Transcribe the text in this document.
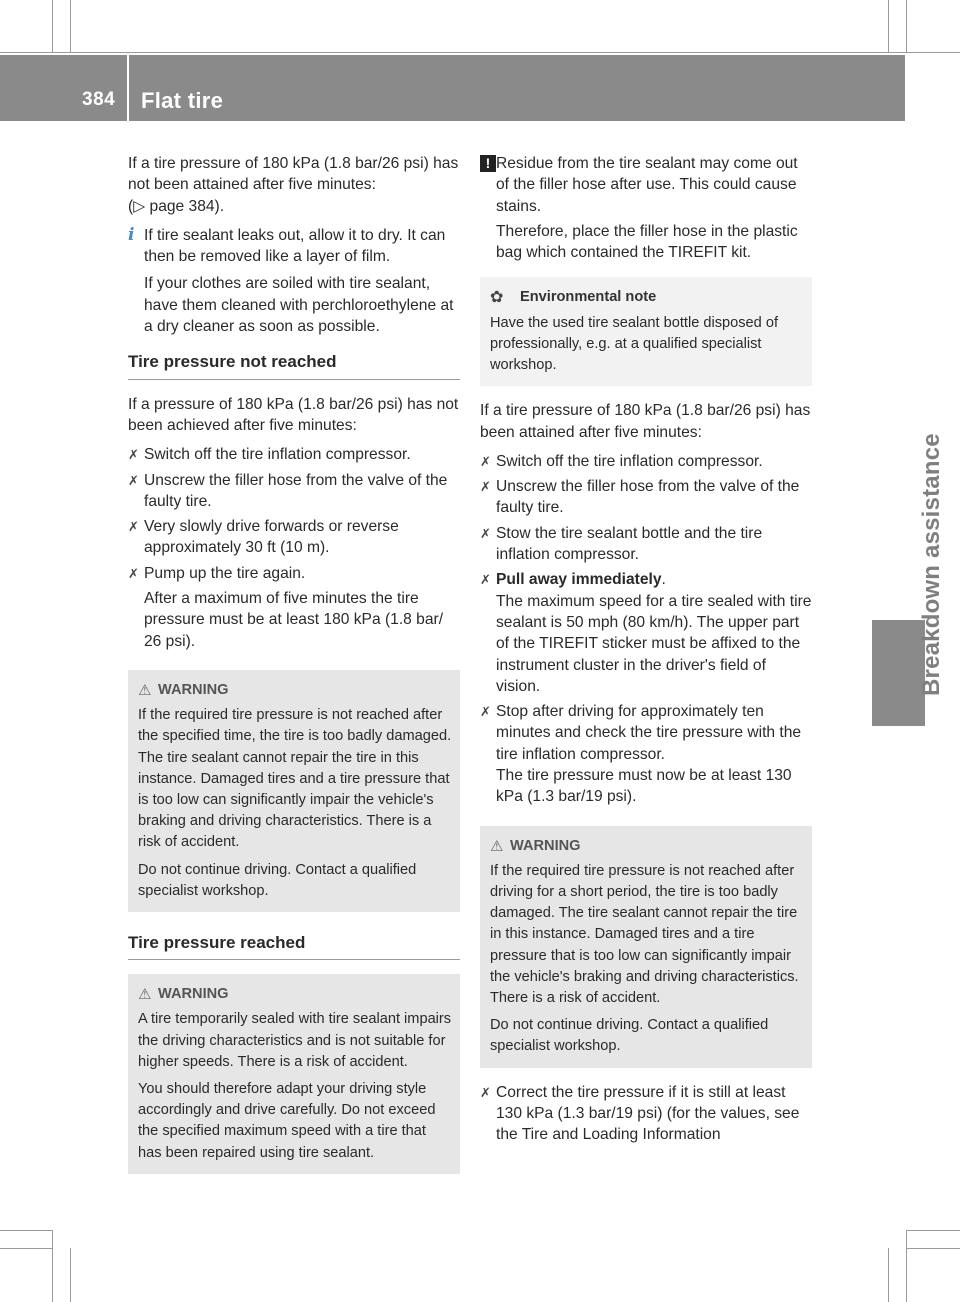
384 Flat tire
Breakdown assistance

If a tire pressure of 180 kPa (1.8 bar/26 psi) has not been attained after five minutes:
(▷ page 384).

i If tire sealant leaks out, allow it to dry. It can then be removed like a layer of film.

If your clothes are soiled with tire sealant, have them cleaned with perchloroethylene at a dry cleaner as soon as possible.

Tire pressure not reached

If a pressure of 180 kPa (1.8 bar/26 psi) has not been achieved after five minutes:

✗ Switch off the tire inflation compressor.
✗ Unscrew the filler hose from the valve of the faulty tire.
✗ Very slowly drive forwards or reverse approximately 30 ft (10 m).
✗ Pump up the tire again.

After a maximum of five minutes the tire pressure must be at least 180 kPa (1.8 bar/ 26 psi).

⚠ WARNING

If the required tire pressure is not reached after the specified time, the tire is too badly damaged. The tire sealant cannot repair the tire in this instance. Damaged tires and a tire pressure that is too low can significantly impair the vehicle's braking and driving characteristics. There is a risk of accident.

Do not continue driving. Contact a qualified specialist workshop.

Tire pressure reached
⚠ WARNING

A tire temporarily sealed with tire sealant impairs the driving characteristics and is not suitable for higher speeds. There is a risk of accident.

You should therefore adapt your driving style accordingly and drive carefully. Do not exceed the specified maximum speed with a tire that has been repaired using tire sealant.

! Residue from the tire sealant may come out of the filler hose after use. This could cause stains.

Therefore, place the filler hose in the plastic bag which contained the TIREFIT kit.

✿	Environmental note

Have the used tire sealant bottle disposed of professionally, e.g. at a qualified specialist workshop.

If a tire pressure of 180 kPa (1.8 bar/26 psi) has been attained after five minutes:

✗ Switch off the tire inflation compressor.
✗ Unscrew the filler hose from the valve of the faulty tire.
✗ Stow the tire sealant bottle and the tire inflation compressor.
✗ Pull away immediately.
The maximum speed for a tire sealed with tire sealant is 50 mph (80 km/h). The upper part of the TIREFIT sticker must be affixed to the instrument cluster in the driver's field of vision.
✗ Stop after driving for approximately ten minutes and check the tire pressure with the tire inflation compressor.
The tire pressure must now be at least 130 kPa (1.3 bar/19 psi).
⚠ WARNING

If the required tire pressure is not reached after driving for a short period, the tire is too badly damaged. The tire sealant cannot repair the tire in this instance. Damaged tires and a tire pressure that is too low can significantly impair the vehicle's braking and driving characteristics. There is a risk of accident.

Do not continue driving. Contact a qualified specialist workshop.

✗ Correct the tire pressure if it is still at least 130 kPa (1.3 bar/19 psi) (for the values, see the Tire and Loading Information
